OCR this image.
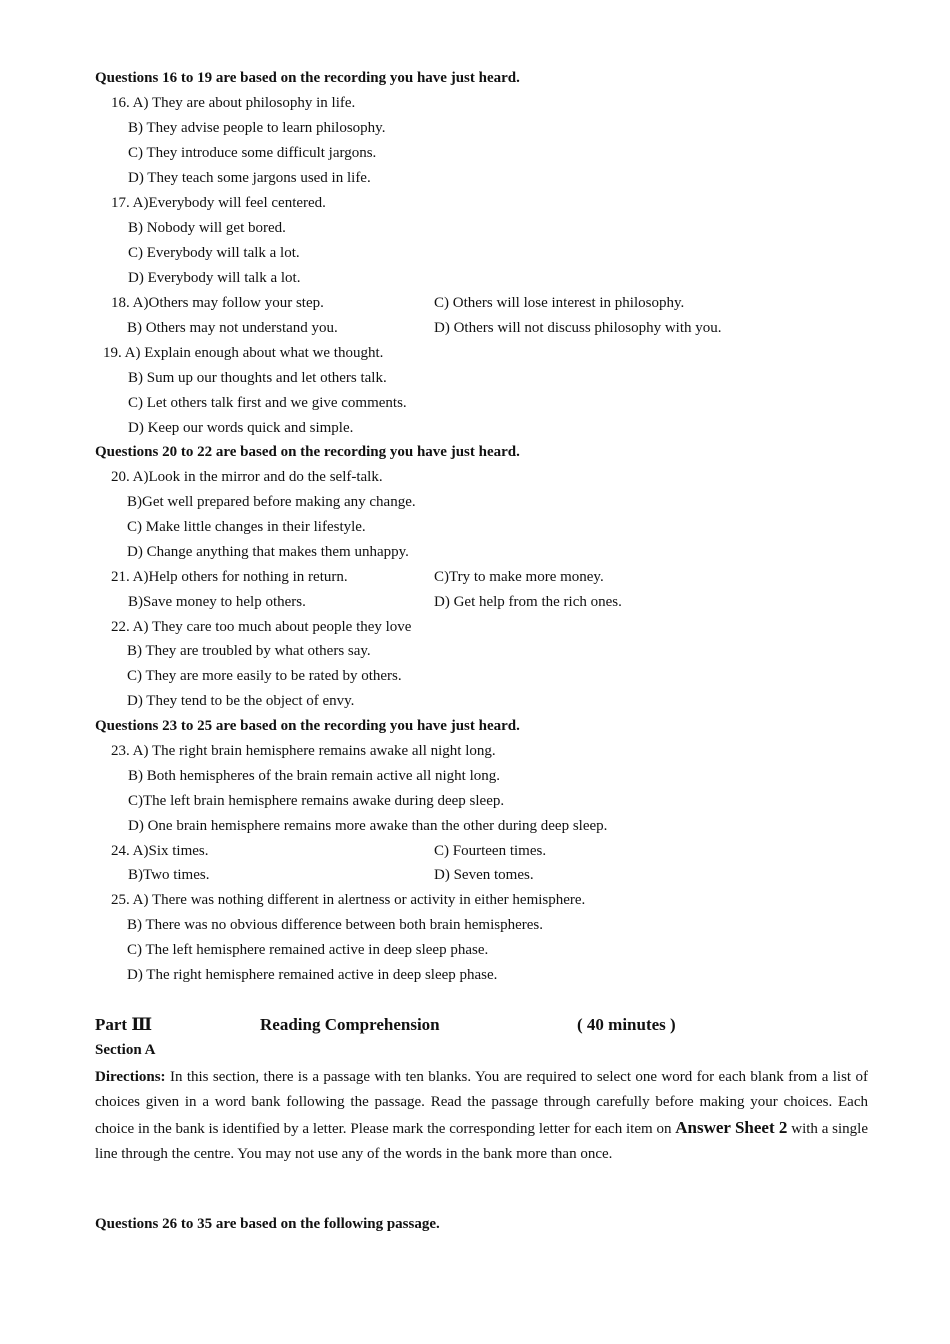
Questions 16 to 19 are based on the recording you have just heard.
16. A) They are about philosophy in life.
B) They advise people to learn philosophy.
C) They introduce some difficult jargons.
D) They teach some jargons used in life.
17. A)Everybody will feel centered.
B) Nobody will get bored.
C) Everybody will talk a lot.
D) Everybody will talk a lot.
18. A)Others may follow your step.	C) Others will lose interest in philosophy.
B) Others may not understand you.	D) Others will not discuss philosophy with you.
19. A) Explain enough about what we thought.
B) Sum up our thoughts and let others talk.
C) Let others talk first and we give comments.
D) Keep our words quick and simple.
Questions 20 to 22 are based on the recording you have just heard.
20. A)Look in the mirror and do the self-talk.
B)Get well prepared before making any change.
C) Make little changes in their lifestyle.
D) Change anything that makes them unhappy.
21. A)Help others for nothing in return.	C)Try to make more money.
B)Save money to help others.	D) Get help from the rich ones.
22. A) They care too much about people they love
B) They are troubled by what others say.
C) They are more easily to be rated by others.
D) They tend to be the object of envy.
Questions 23 to 25 are based on the recording you have just heard.
23. A) The right brain hemisphere remains awake all night long.
B) Both hemispheres of the brain remain active all night long.
C)The left brain hemisphere remains awake during deep sleep.
D) One brain hemisphere remains more awake than the other during deep sleep.
24. A)Six times.	C) Fourteen times.
B)Two times.	D) Seven tomes.
25. A) There was nothing different in alertness or activity in either hemisphere.
B) There was no obvious difference between both brain hemispheres.
C) The left hemisphere remained active in deep sleep phase.
D) The right hemisphere remained active in deep sleep phase.
Part Ⅲ	Reading Comprehension	( 40 minutes )
Section A
Directions: In this section, there is a passage with ten blanks. You are required to select one word for each blank from a list of choices given in a word bank following the passage. Read the passage through carefully before making your choices. Each choice in the bank is identified by a letter. Please mark the corresponding letter for each item on Answer Sheet 2 with a single line through the centre. You may not use any of the words in the bank more than once.
Questions 26 to 35 are based on the following passage.
